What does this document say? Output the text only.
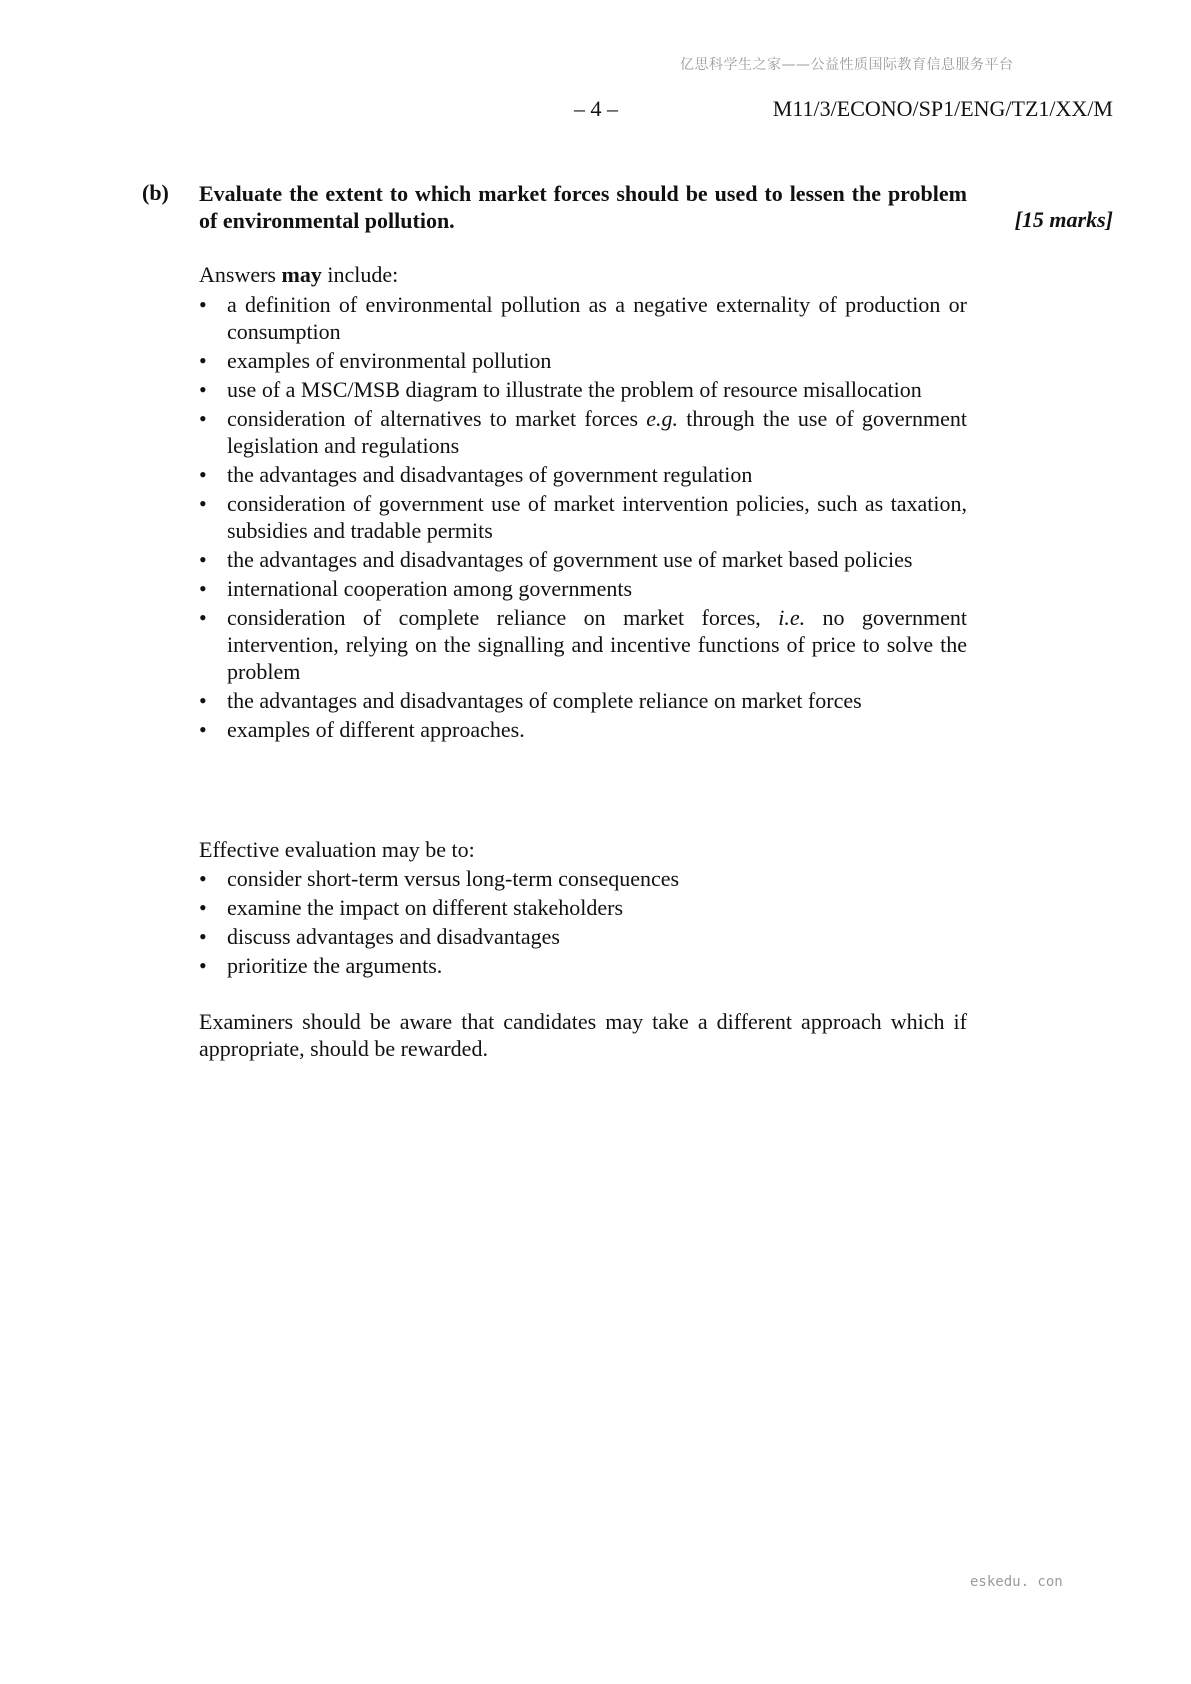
亿思科学生之家——公益性质国际教育信息服务平台
– 4 –	M11/3/ECONO/SP1/ENG/TZ1/XX/M
(b) Evaluate the extent to which market forces should be used to lessen the problem of environmental pollution.	[15 marks]
Answers may include:
• a definition of environmental pollution as a negative externality of production or consumption
• examples of environmental pollution
• use of a MSC/MSB diagram to illustrate the problem of resource misallocation
• consideration of alternatives to market forces e.g. through the use of government legislation and regulations
• the advantages and disadvantages of government regulation
• consideration of government use of market intervention policies, such as taxation, subsidies and tradable permits
• the advantages and disadvantages of government use of market based policies
• international cooperation among governments
• consideration of complete reliance on market forces, i.e. no government intervention, relying on the signalling and incentive functions of price to solve the problem
• the advantages and disadvantages of complete reliance on market forces
• examples of different approaches.
Effective evaluation may be to:
• consider short-term versus long-term consequences
• examine the impact on different stakeholders
• discuss advantages and disadvantages
• prioritize the arguments.
Examiners should be aware that candidates may take a different approach which if appropriate, should be rewarded.
eskedu. con
